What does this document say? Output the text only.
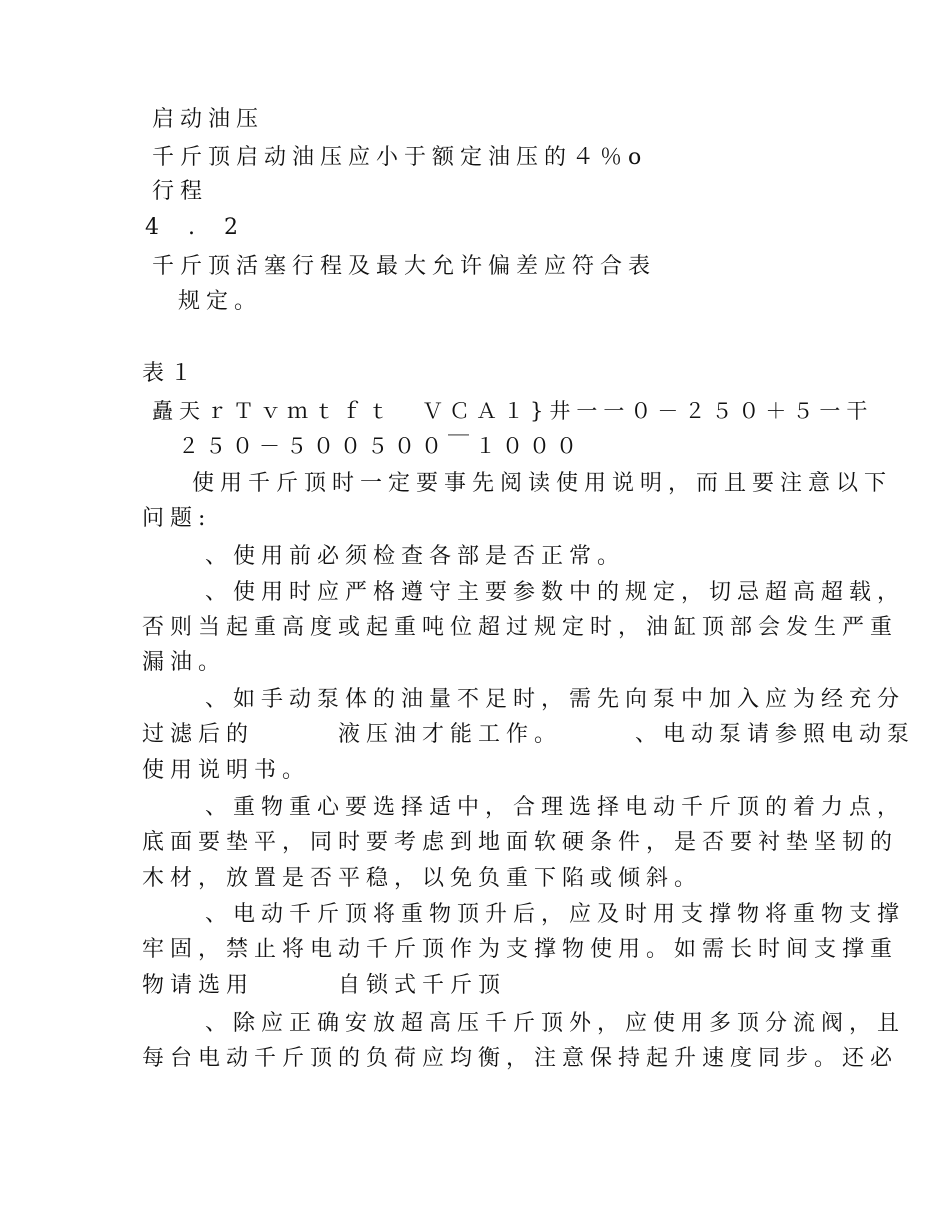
启动油压
千斤顶启动油压应小于额定油压的４％o
行程
4 . 2
千斤顶活塞行程及最大允许偏差应符合表
规定。
表１
矗天ｒＴｖｍｔｆｔ　ＶＣＡ１}井一一０－２５０＋５一干
２５０－５００５００￣１０００
使用千斤顶时一定要事先阅读使用说明，而且要注意以下
问题:
、使用前必须检查各部是否正常。
、使用时应严格遵守主要参数中的规定，切忌超高超载，
否则当起重高度或起重吨位超过规定时，油缸顶部会发生严重
漏油。
、如手动泵体的油量不足时，需先向泵中加入应为经充分
过滤后的　　　液压油才能工作。　　　、电动泵请参照电动泵
使用说明书。
、重物重心要选择适中，合理选择电动千斤顶的着力点，
底面要垫平，同时要考虑到地面软硬条件，是否要衬垫坚韧的
木材，放置是否平稳，以免负重下陷或倾斜。
、电动千斤顶将重物顶升后，应及时用支撑物将重物支撑
牢固，禁止将电动千斤顶作为支撑物使用。如需长时间支撑重
物请选用　　　自锁式千斤顶
、除应正确安放超高压千斤顶外，应使用多顶分流阀，且
每台电动千斤顶的负荷应均衡，注意保持起升速度同步。还必
